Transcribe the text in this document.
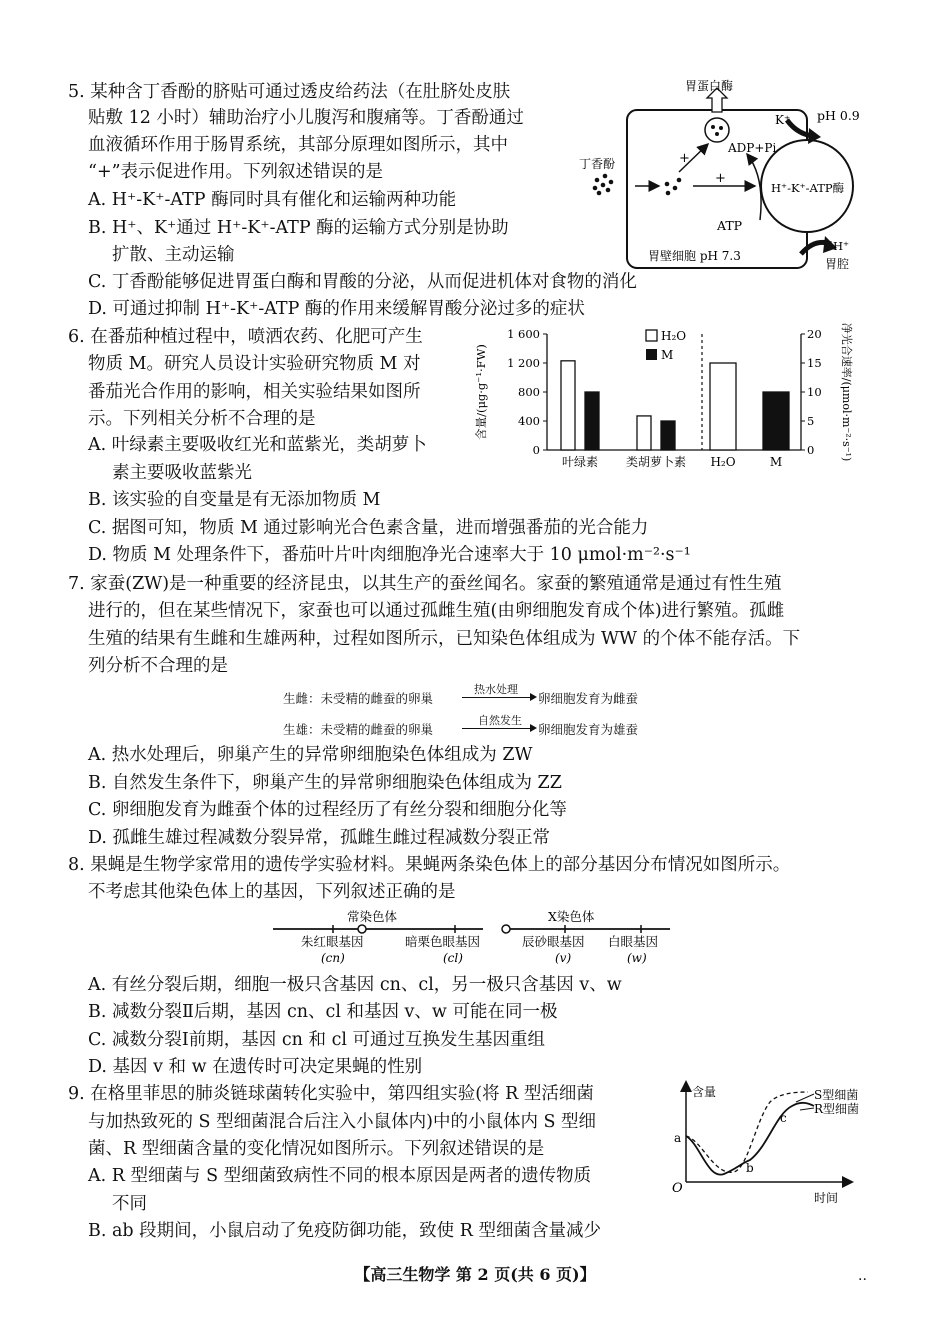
5. 某种含丁香酚的脐贴可通过透皮给药法（在肚脐处皮肤
贴敷 12 小时）辅助治疗小儿腹泻和腹痛等。丁香酚通过
血液循环作用于肠胃系统，其部分原理如图所示，其中
“+”表示促进作用。下列叙述错误的是
A. H⁺-K⁺-ATP 酶同时具有催化和运输两种功能
B. H⁺、K⁺通过 H⁺-K⁺-ATP 酶的运输方式分别是协助
扩散、主动运输
C. 丁香酚能够促进胃蛋白酶和胃酸的分泌，从而促进机体对食物的消化
D. 可通过抑制 H⁺-K⁺-ATP 酶的作用来缓解胃酸分泌过多的症状
胃蛋白酶
丁香酚	+
+
ADP+Pi
ATP
K⁺ pH 0.9
H⁺-K⁺-ATP酶
胃壁细胞 pH 7.3
H⁺
胃腔
6. 在番茄种植过程中，喷洒农药、化肥可产生
物质 M。研究人员设计实验研究物质 M 对
番茄光合作用的影响，相关实验结果如图所
示。下列相关分析不合理的是
A. 叶绿素主要吸收红光和蓝紫光，类胡萝卜
素主要吸收蓝紫光
B. 该实验的自变量是有无添加物质 M
C. 据图可知，物质 M 通过影响光合色素含量，进而增强番茄的光合能力
D. 物质 M 处理条件下，番茄叶片叶肉细胞净光合速率大于 10 μmol·m⁻²·s⁻¹
0
400
800
1 200
1 600
0
5
10
15
20
叶绿素 类胡萝卜素 H₂O	M
含量/(μg·g⁻¹·FW)	净光合速率/(μmol·m⁻²·s⁻¹)
H₂O
M
7. 家蚕(ZW)是一种重要的经济昆虫，以其生产的蚕丝闻名。家蚕的繁殖通常是通过有性生殖
进行的，但在某些情况下，家蚕也可以通过孤雌生殖(由卵细胞发育成个体)进行繁殖。孤雌
生殖的结果有生雌和生雄两种，过程如图所示，已知染色体组成为 WW 的个体不能存活。下
列分析不合理的是
生雌：未受精的雌蚕的卵巢
热水处理
卵细胞发育为雌蚕
生雄：未受精的雌蚕的卵巢
自然发生
卵细胞发育为雄蚕
A. 热水处理后，卵巢产生的异常卵细胞染色体组成为 ZW
B. 自然发生条件下，卵巢产生的异常卵细胞染色体组成为 ZZ
C. 卵细胞发育为雌蚕个体的过程经历了有丝分裂和细胞分化等
D. 孤雌生雄过程减数分裂异常，孤雌生雌过程减数分裂正常
8. 果蝇是生物学家常用的遗传学实验材料。果蝇两条染色体上的部分基因分布情况如图所示。
不考虑其他染色体上的基因，下列叙述正确的是
常染色体	X染色体
朱红眼基因
(cn)
暗栗色眼基因
(cl)
辰砂眼基因
(v)
白眼基因
(w)
A. 有丝分裂后期，细胞一极只含基因 cn、cl，另一极只含基因 v、w
B. 减数分裂Ⅱ后期，基因 cn、cl 和基因 v、w 可能在同一极
C. 减数分裂Ⅰ前期，基因 cn 和 cl 可通过互换发生基因重组
D. 基因 v 和 w 在遗传时可决定果蝇的性别
9. 在格里菲思的肺炎链球菌转化实验中，第四组实验(将 R 型活细菌
与加热致死的 S 型细菌混合后注入小鼠体内)中的小鼠体内 S 型细
菌、R 型细菌含量的变化情况如图所示。下列叙述错误的是
A. R 型细菌与 S 型细菌致病性不同的根本原因是两者的遗传物质
不同
B. ab 段期间，小鼠启动了免疫防御功能，致使 R 型细菌含量减少
含量
时间
O
S型细菌
R型细菌
a
b
c
【高三生物学 第 2 页(共 6 页)】	..
